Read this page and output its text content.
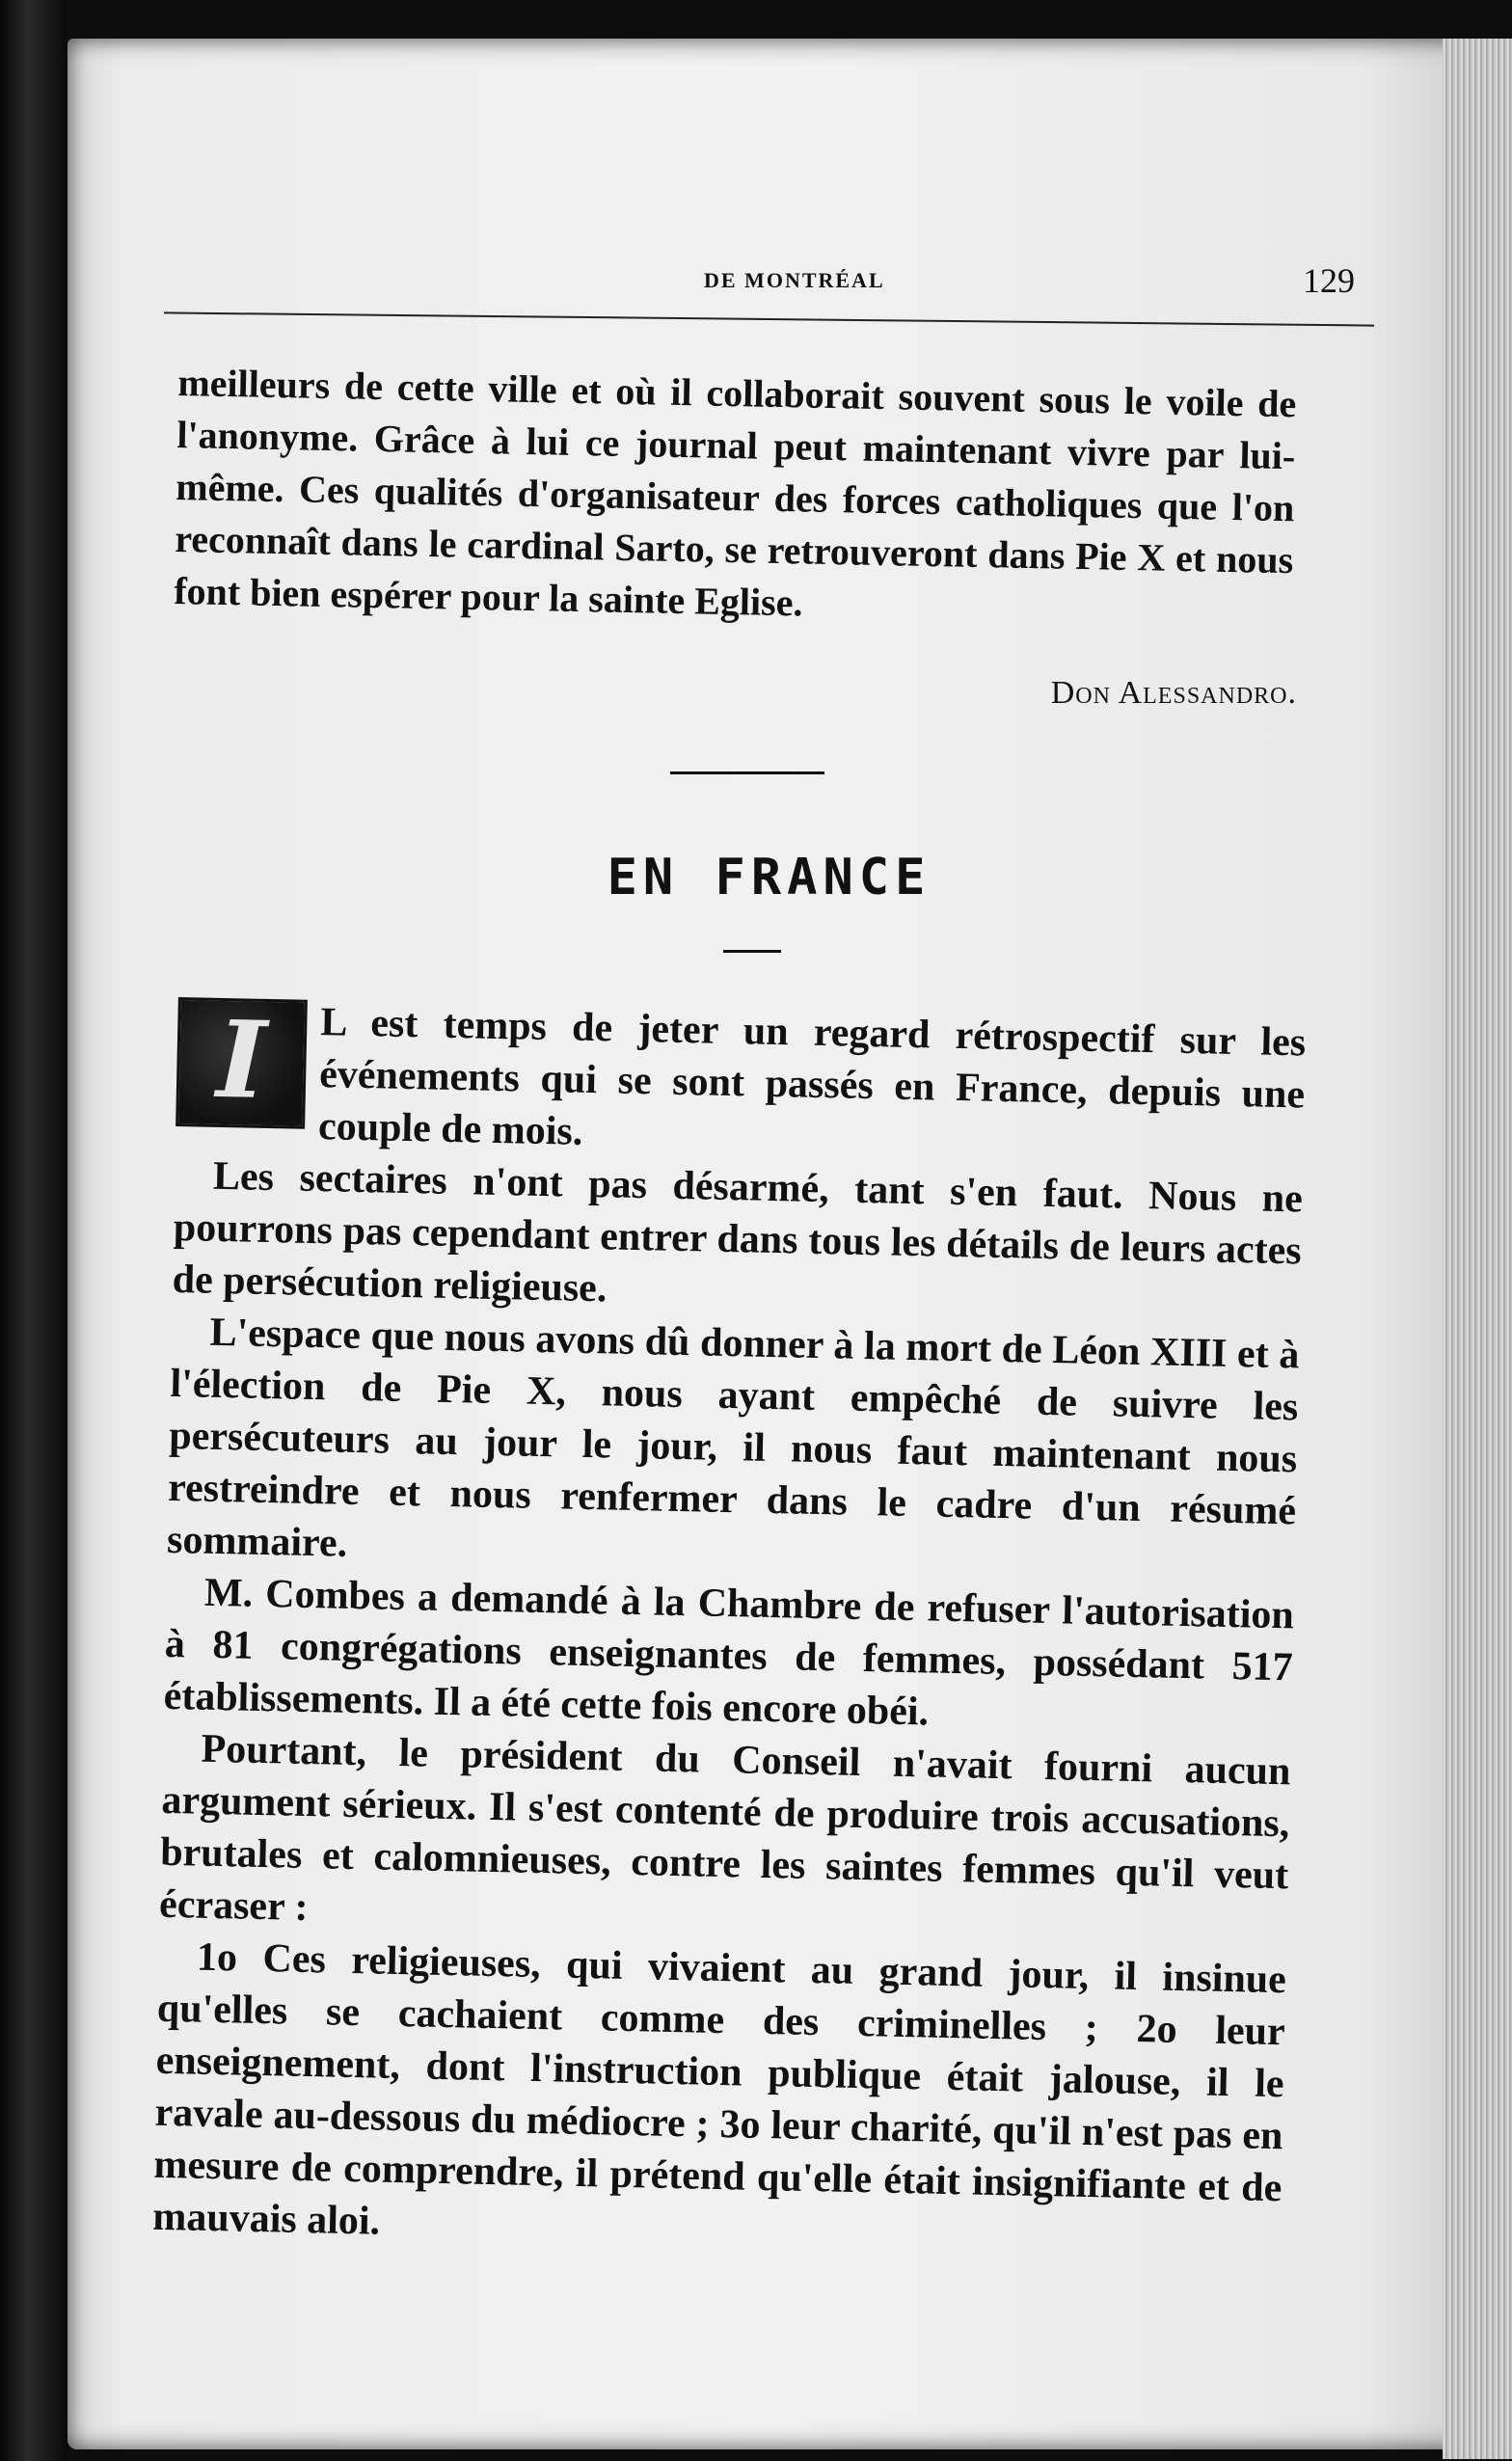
DE MONTRÉAL	129

meilleurs de cette ville et où il collaborait souvent sous le voile de l'anonyme. Grâce à lui ce journal peut maintenant vivre par lui-même. Ces qualités d'organisateur des forces catholiques que l'on reconnaît dans le cardinal Sarto, se retrouveront dans Pie X et nous font bien espérer pour la sainte Eglise.

Don Alessandro.
EN FRANCE

I	L est temps de jeter un regard rétrospectif sur les événements qui se sont passés en France, depuis une couple de mois.

Les sectaires n'ont pas désarmé, tant s'en faut. Nous ne pourrons pas cependant entrer dans tous les détails de leurs actes de persécution religieuse.

L'espace que nous avons dû donner à la mort de Léon XIII et à l'élection de Pie X, nous ayant empêché de suivre les persécuteurs au jour le jour, il nous faut maintenant nous restreindre et nous renfermer dans le cadre d'un résumé sommaire.

M. Combes a demandé à la Chambre de refuser l'autorisation à 81 congrégations enseignantes de femmes, possédant 517 établissements. Il a été cette fois encore obéi.

Pourtant, le président du Conseil n'avait fourni aucun argument sérieux. Il s'est contenté de produire trois accusations, brutales et calomnieuses, contre les saintes femmes qu'il veut écraser :

1o Ces religieuses, qui vivaient au grand jour, il insinue qu'elles se cachaient comme des criminelles ; 2o leur enseignement, dont l'instruction publique était jalouse, il le ravale au-dessous du médiocre ; 3o leur charité, qu'il n'est pas en mesure de comprendre, il prétend qu'elle était insignifiante et de mauvais aloi.
